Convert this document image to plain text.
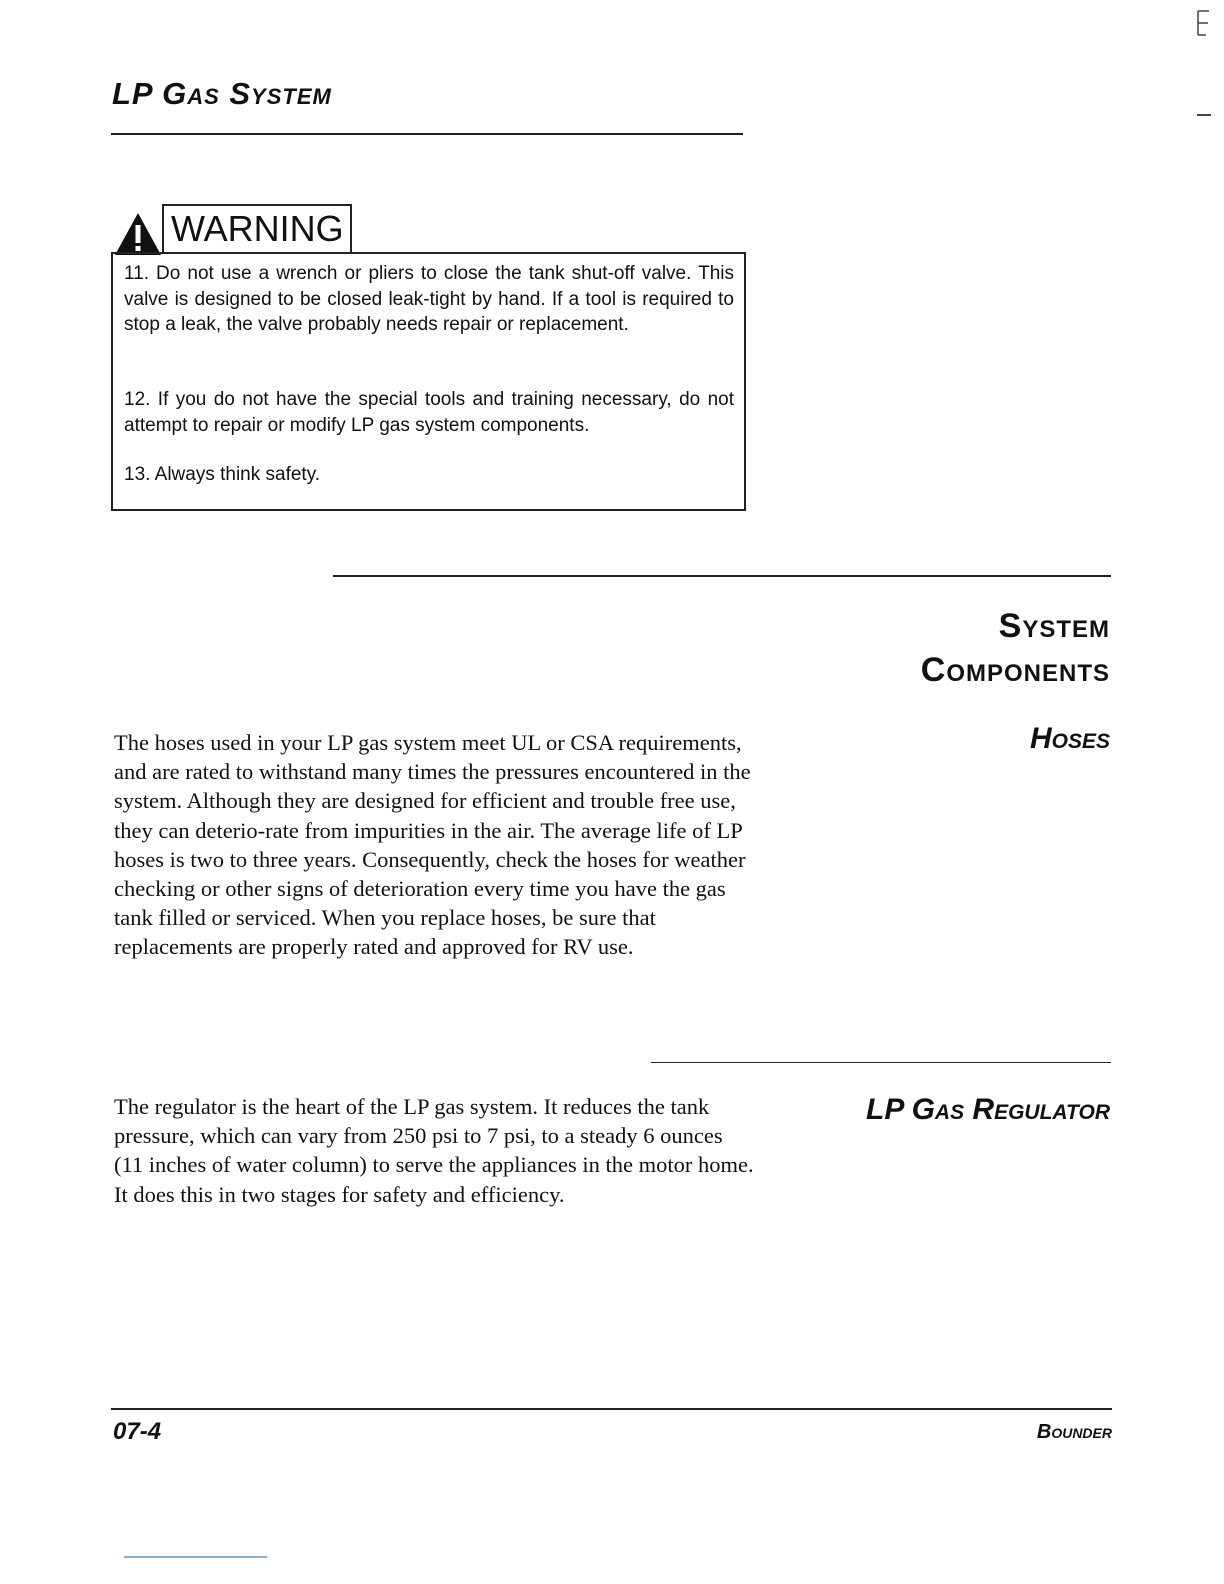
LP Gas System
WARNING
11. Do not use a wrench or pliers to close the tank shut-off valve. This valve is designed to be closed leak-tight by hand. If a tool is required to stop a leak, the valve probably needs repair or replacement.
12. If you do not have the special tools and training necessary, do not attempt to repair or modify LP gas system components.
13. Always think safety.
System
Components
Hoses
The hoses used in your LP gas system meet UL or CSA requirements, and are rated to withstand many times the pressures encountered in the system. Although they are designed for efficient and trouble free use, they can deterio-rate from impurities in the air. The average life of LP hoses is two to three years. Consequently, check the hoses for weather checking or other signs of deterioration every time you have the gas tank filled or serviced. When you replace hoses, be sure that replacements are properly rated and approved for RV use.
LP Gas Regulator
The regulator is the heart of the LP gas system. It reduces the tank pressure, which can vary from 250 psi to 7 psi, to a steady 6 ounces (11 inches of water column) to serve the appliances in the motor home. It does this in two stages for safety and efficiency.
07-4	Bounder
